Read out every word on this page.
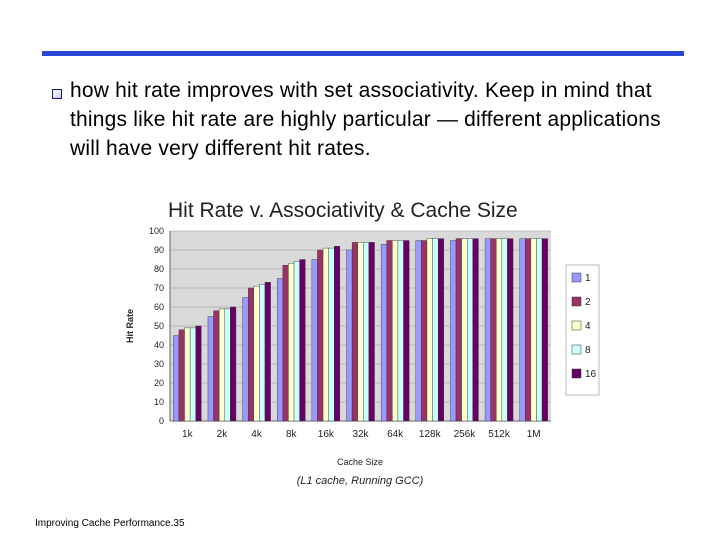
how hit rate improves with set associativity. Keep in mind that things like hit rate are highly particular — different applications will have very different hit rates.
Hit Rate v. Associativity & Cache Size
0
10
20
30
40
50
60
70
80
90
100
1k 2k 4k 8k 16k 32k 64k 128k 256k 512k 1M
1
2
4
8
16
Cache Size
(L1 cache, Running GCC)
Hit Rate
Improving Cache Performance.35
